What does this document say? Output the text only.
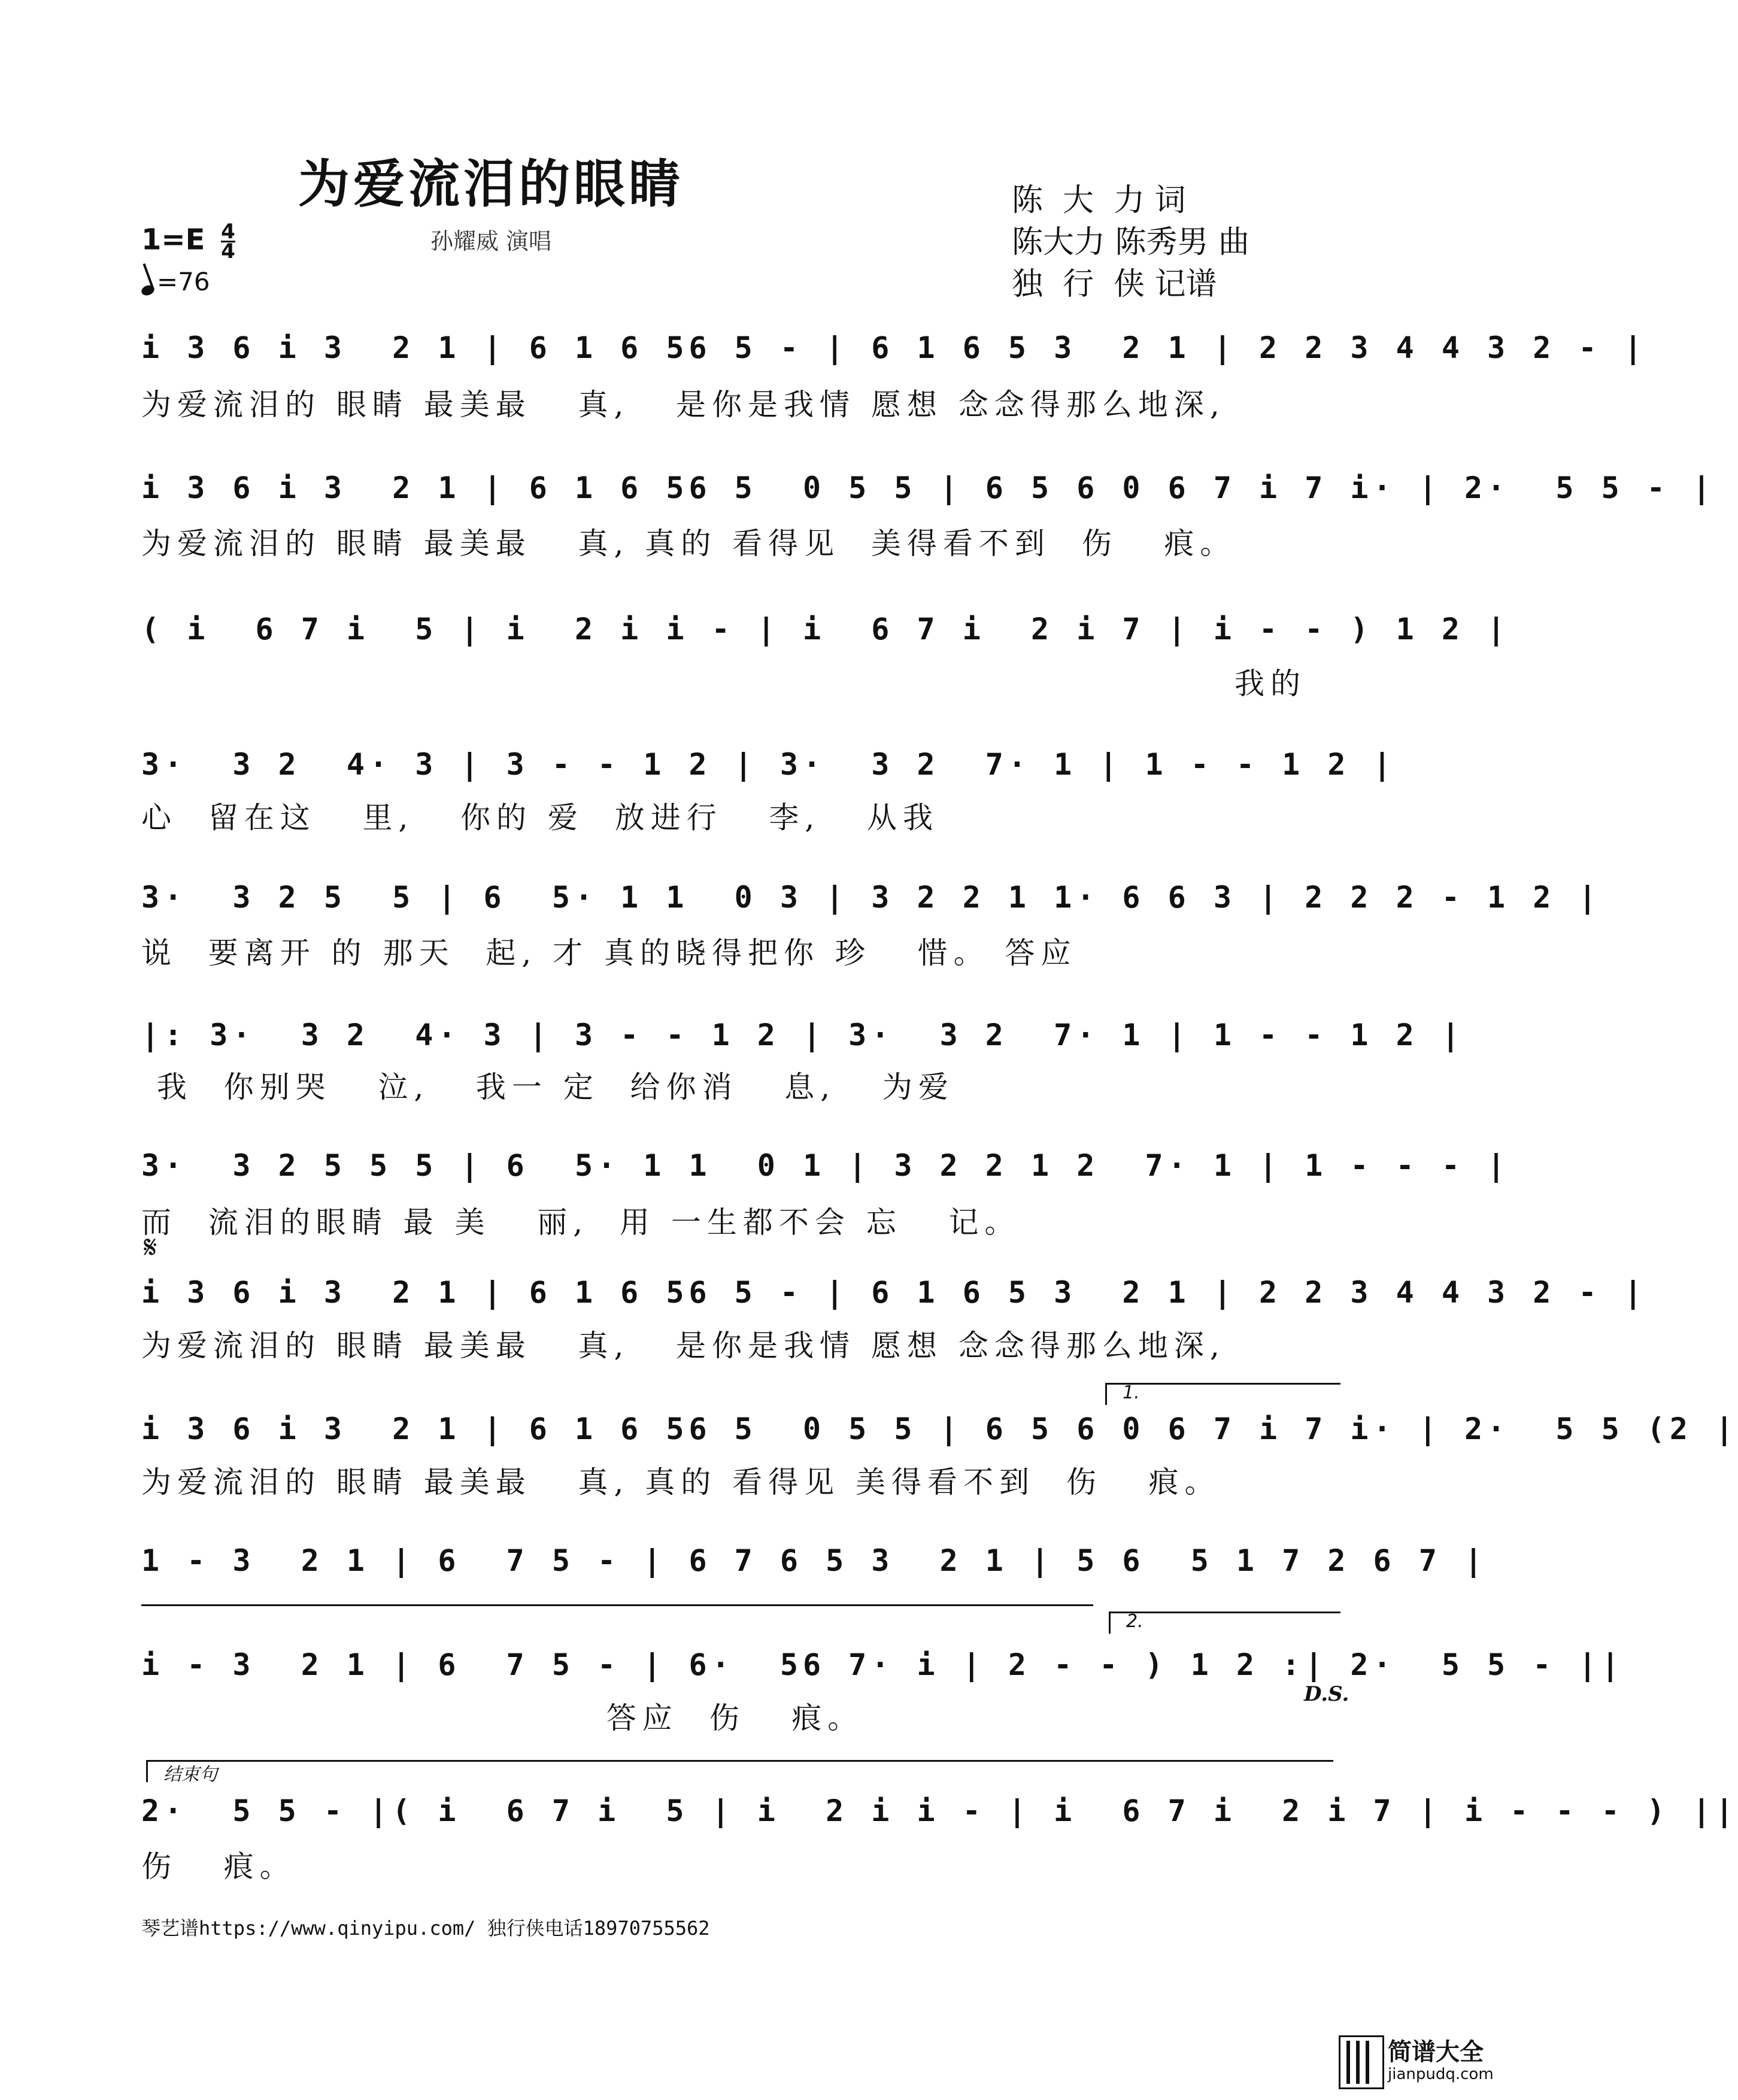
为爱流泪的眼睛
孙耀威 演唱
陈  大  力 词
陈大力 陈秀男 曲
独  行  侠 记谱
$1=E \frac{4}{4}$
=76
i 3 6 i 3  2 1 | 6 1 6 56 5 - | 6 1 6 5 3  2 1 | 2 2 3 4 4 3 2 - |
为爱流泪的 眼睛 最美最   真,   是你是我情 愿想 念念得那么地深,
i 3 6 i 3  2 1 | 6 1 6 56 5  0 5 5 | 6 5 6 0 6 7 i 7 i· | 2·  5 5 - |
为爱流泪的 眼睛 最美最   真, 真的 看得见  美得看不到  伤   痕。
( i  6 7 i  5 | i  2 i i - | i  6 7 i  2 i 7 | i - - ) 1 2 |
我的
3·  3 2  4· 3 | 3 - - 1 2 | 3·  3 2  7· 1 | 1 - - 1 2 |
心  留在这   里,   你的 爱  放进行   李,   从我
3·  3 2 5  5 | 6  5· 1 1  0 3 | 3 2 2 1 1· 6 6 3 | 2 2 2 - 1 2 |
说  要离开 的 那天  起, 才 真的晓得把你 珍   惜。 答应
|: 3·  3 2  4· 3 | 3 - - 1 2 | 3·  3 2  7· 1 | 1 - - 1 2 |
我  你别哭   泣,   我一 定  给你消   息,   为爱
3·  3 2 5 5 5 | 6  5· 1 1  0 1 | 3 2 2 1 2  7· 1 | 1 - - - |
而  流泪的眼睛 最 美   丽,  用 一生都不会 忘   记。
𝄋
i 3 6 i 3  2 1 | 6 1 6 56 5 - | 6 1 6 5 3  2 1 | 2 2 3 4 4 3 2 - |
为爱流泪的 眼睛 最美最   真,   是你是我情 愿想 念念得那么地深,
1.
i 3 6 i 3  2 1 | 6 1 6 56 5  0 5 5 | 6 5 6 0 6 7 i 7 i· | 2·  5 5 (2 |
为爱流泪的 眼睛 最美最   真, 真的 看得见 美得看不到  伤   痕。
1 - 3  2 1 | 6  7 5 - | 6 7 6 5 3  2 1 | 5 6  5 1 7 2 6 7 |
2.
i - 3  2 1 | 6  7 5 - | 6·  56 7· i | 2 - - ) 1 2 :| 2·  5 5 - ||
答应  伤   痕。
D.S.
结束句
2·  5 5 - |( i  6 7 i  5 | i  2 i i - | i  6 7 i  2 i 7 | i - - - ) ||
伤   痕。
琴艺谱https://www.qinyipu.com/ 独行侠电话18970755562
简谱大全
jianpudq.com
